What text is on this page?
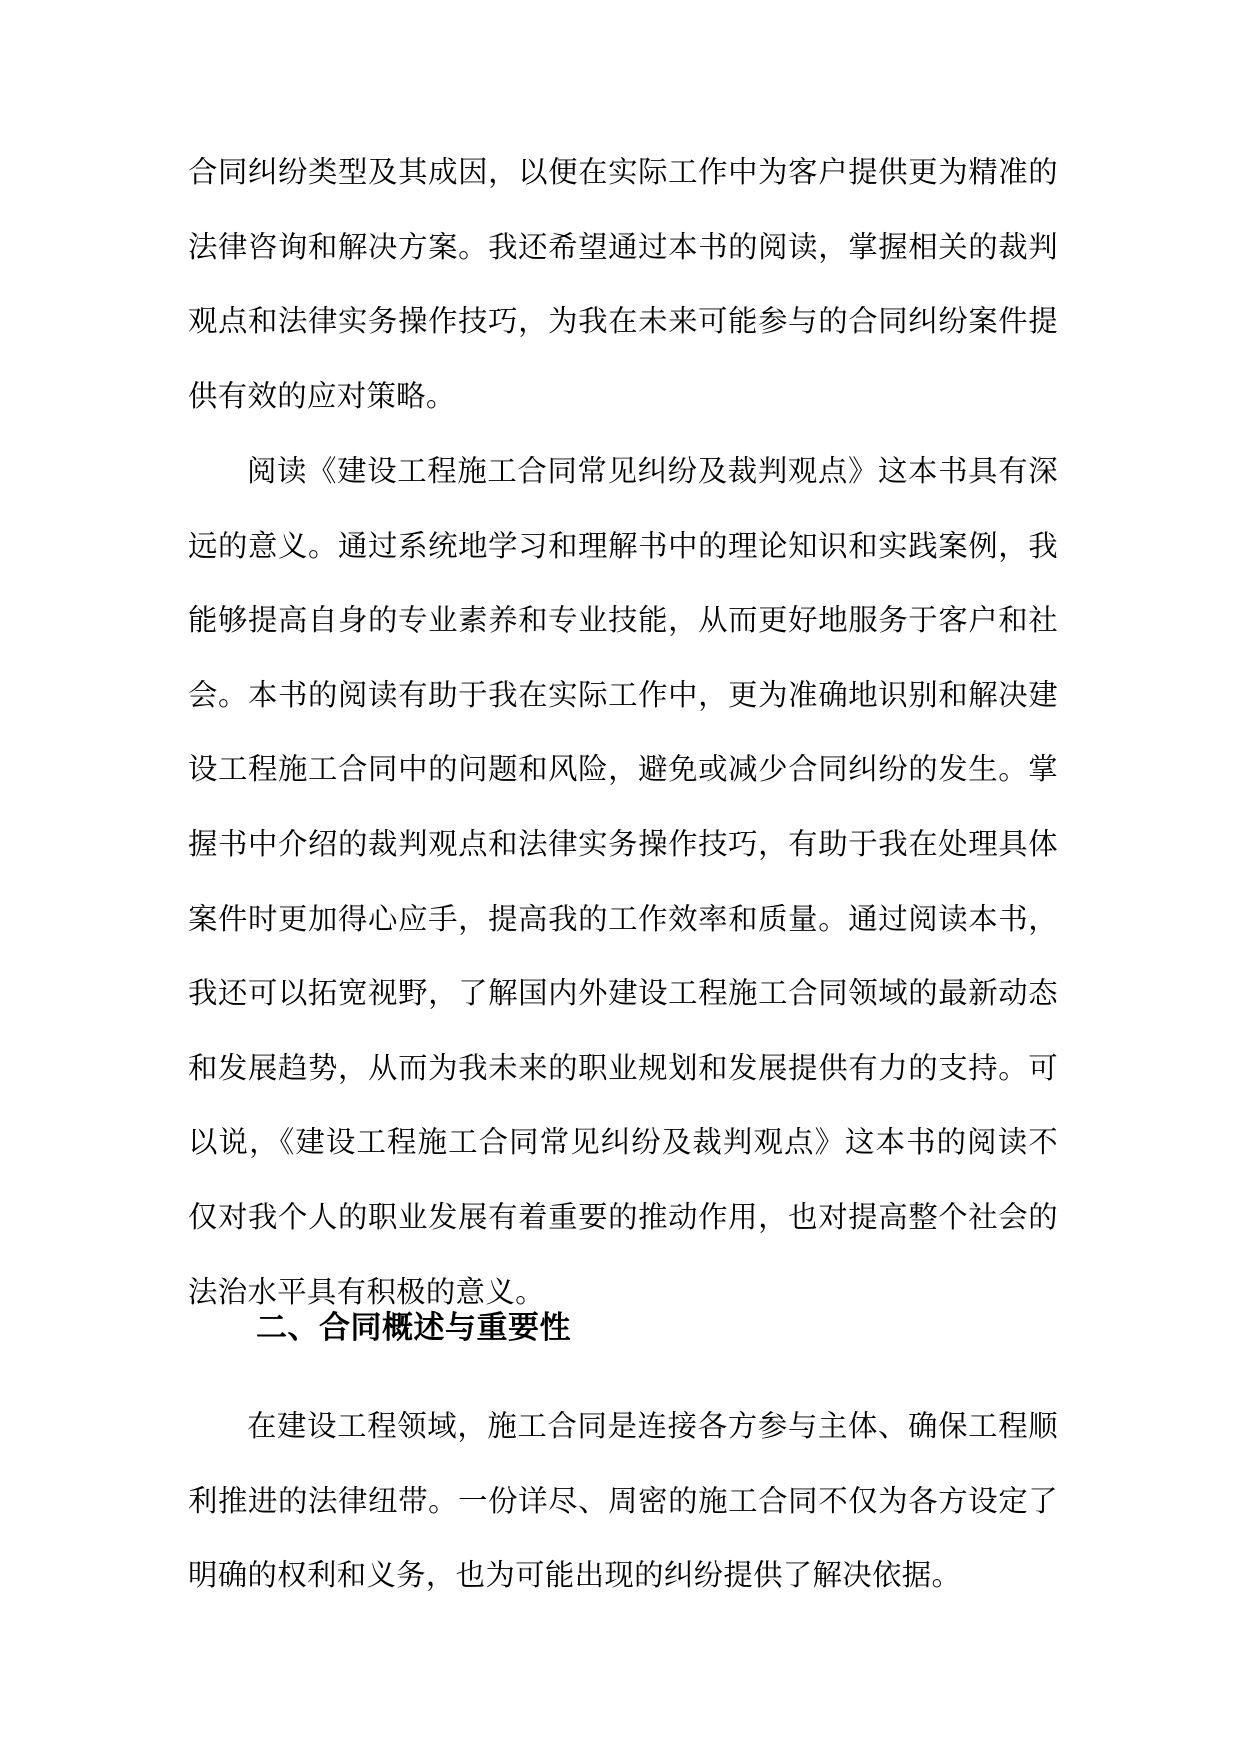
合同纠纷类型及其成因，以便在实际工作中为客户提供更为精准的法律咨询和解决方案。我还希望通过本书的阅读，掌握相关的裁判观点和法律实务操作技巧，为我在未来可能参与的合同纠纷案件提供有效的应对策略。

阅读《建设工程施工合同常见纠纷及裁判观点》这本书具有深远的意义。通过系统地学习和理解书中的理论知识和实践案例，我能够提高自身的专业素养和专业技能，从而更好地服务于客户和社会。本书的阅读有助于我在实际工作中，更为准确地识别和解决建设工程施工合同中的问题和风险，避免或减少合同纠纷的发生。掌握书中介绍的裁判观点和法律实务操作技巧，有助于我在处理具体案件时更加得心应手，提高我的工作效率和质量。通过阅读本书，我还可以拓宽视野，了解国内外建设工程施工合同领域的最新动态和发展趋势，从而为我未来的职业规划和发展提供有力的支持。可以说，《建设工程施工合同常见纠纷及裁判观点》这本书的阅读不仅对我个人的职业发展有着重要的推动作用，也对提高整个社会的法治水平具有积极的意义。

二、合同概述与重要性

在建设工程领域，施工合同是连接各方参与主体、确保工程顺利推进的法律纽带。一份详尽、周密的施工合同不仅为各方设定了明确的权利和义务，也为可能出现的纠纷提供了解决依据。
